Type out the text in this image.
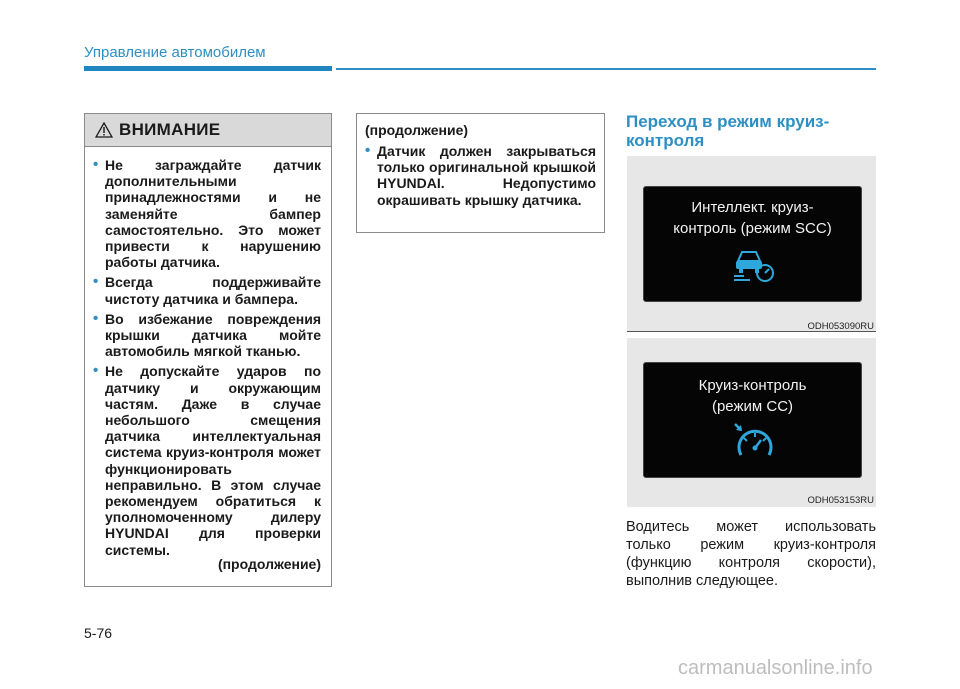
Управление автомобилем
ВНИМАНИЕ
• Не заграждайте датчик дополнительными принадлежностями и не заменяйте бампер самостоятельно. Это может привести к нарушению работы датчика.
• Всегда поддерживайте чистоту датчика и бампера.
• Во избежание повреждения крышки датчика мойте автомобиль мягкой тканью.
• Не допускайте ударов по датчику и окружающим частям. Даже в случае небольшого смещения датчика интеллектуальная система круиз-контроля может функционировать неправильно. В этом случае рекомендуем обратиться к уполномоченному дилеру HYUNDAI для проверки системы.
(продолжение)
(продолжение)
• Датчик должен закрываться только оригинальной крышкой HYUNDAI. Недопустимо окрашивать крышку датчика.
Переход в режим круиз-контроля
Интеллект. круиз-
контроль (режим SCC)
ODH053090RU
Круиз-контроль
(режим CC)
ODH053153RU
Водитесь может использовать только режим круиз-контроля (функцию контроля скорости), выполнив следующее.
5-76
carmanualsonline.info
